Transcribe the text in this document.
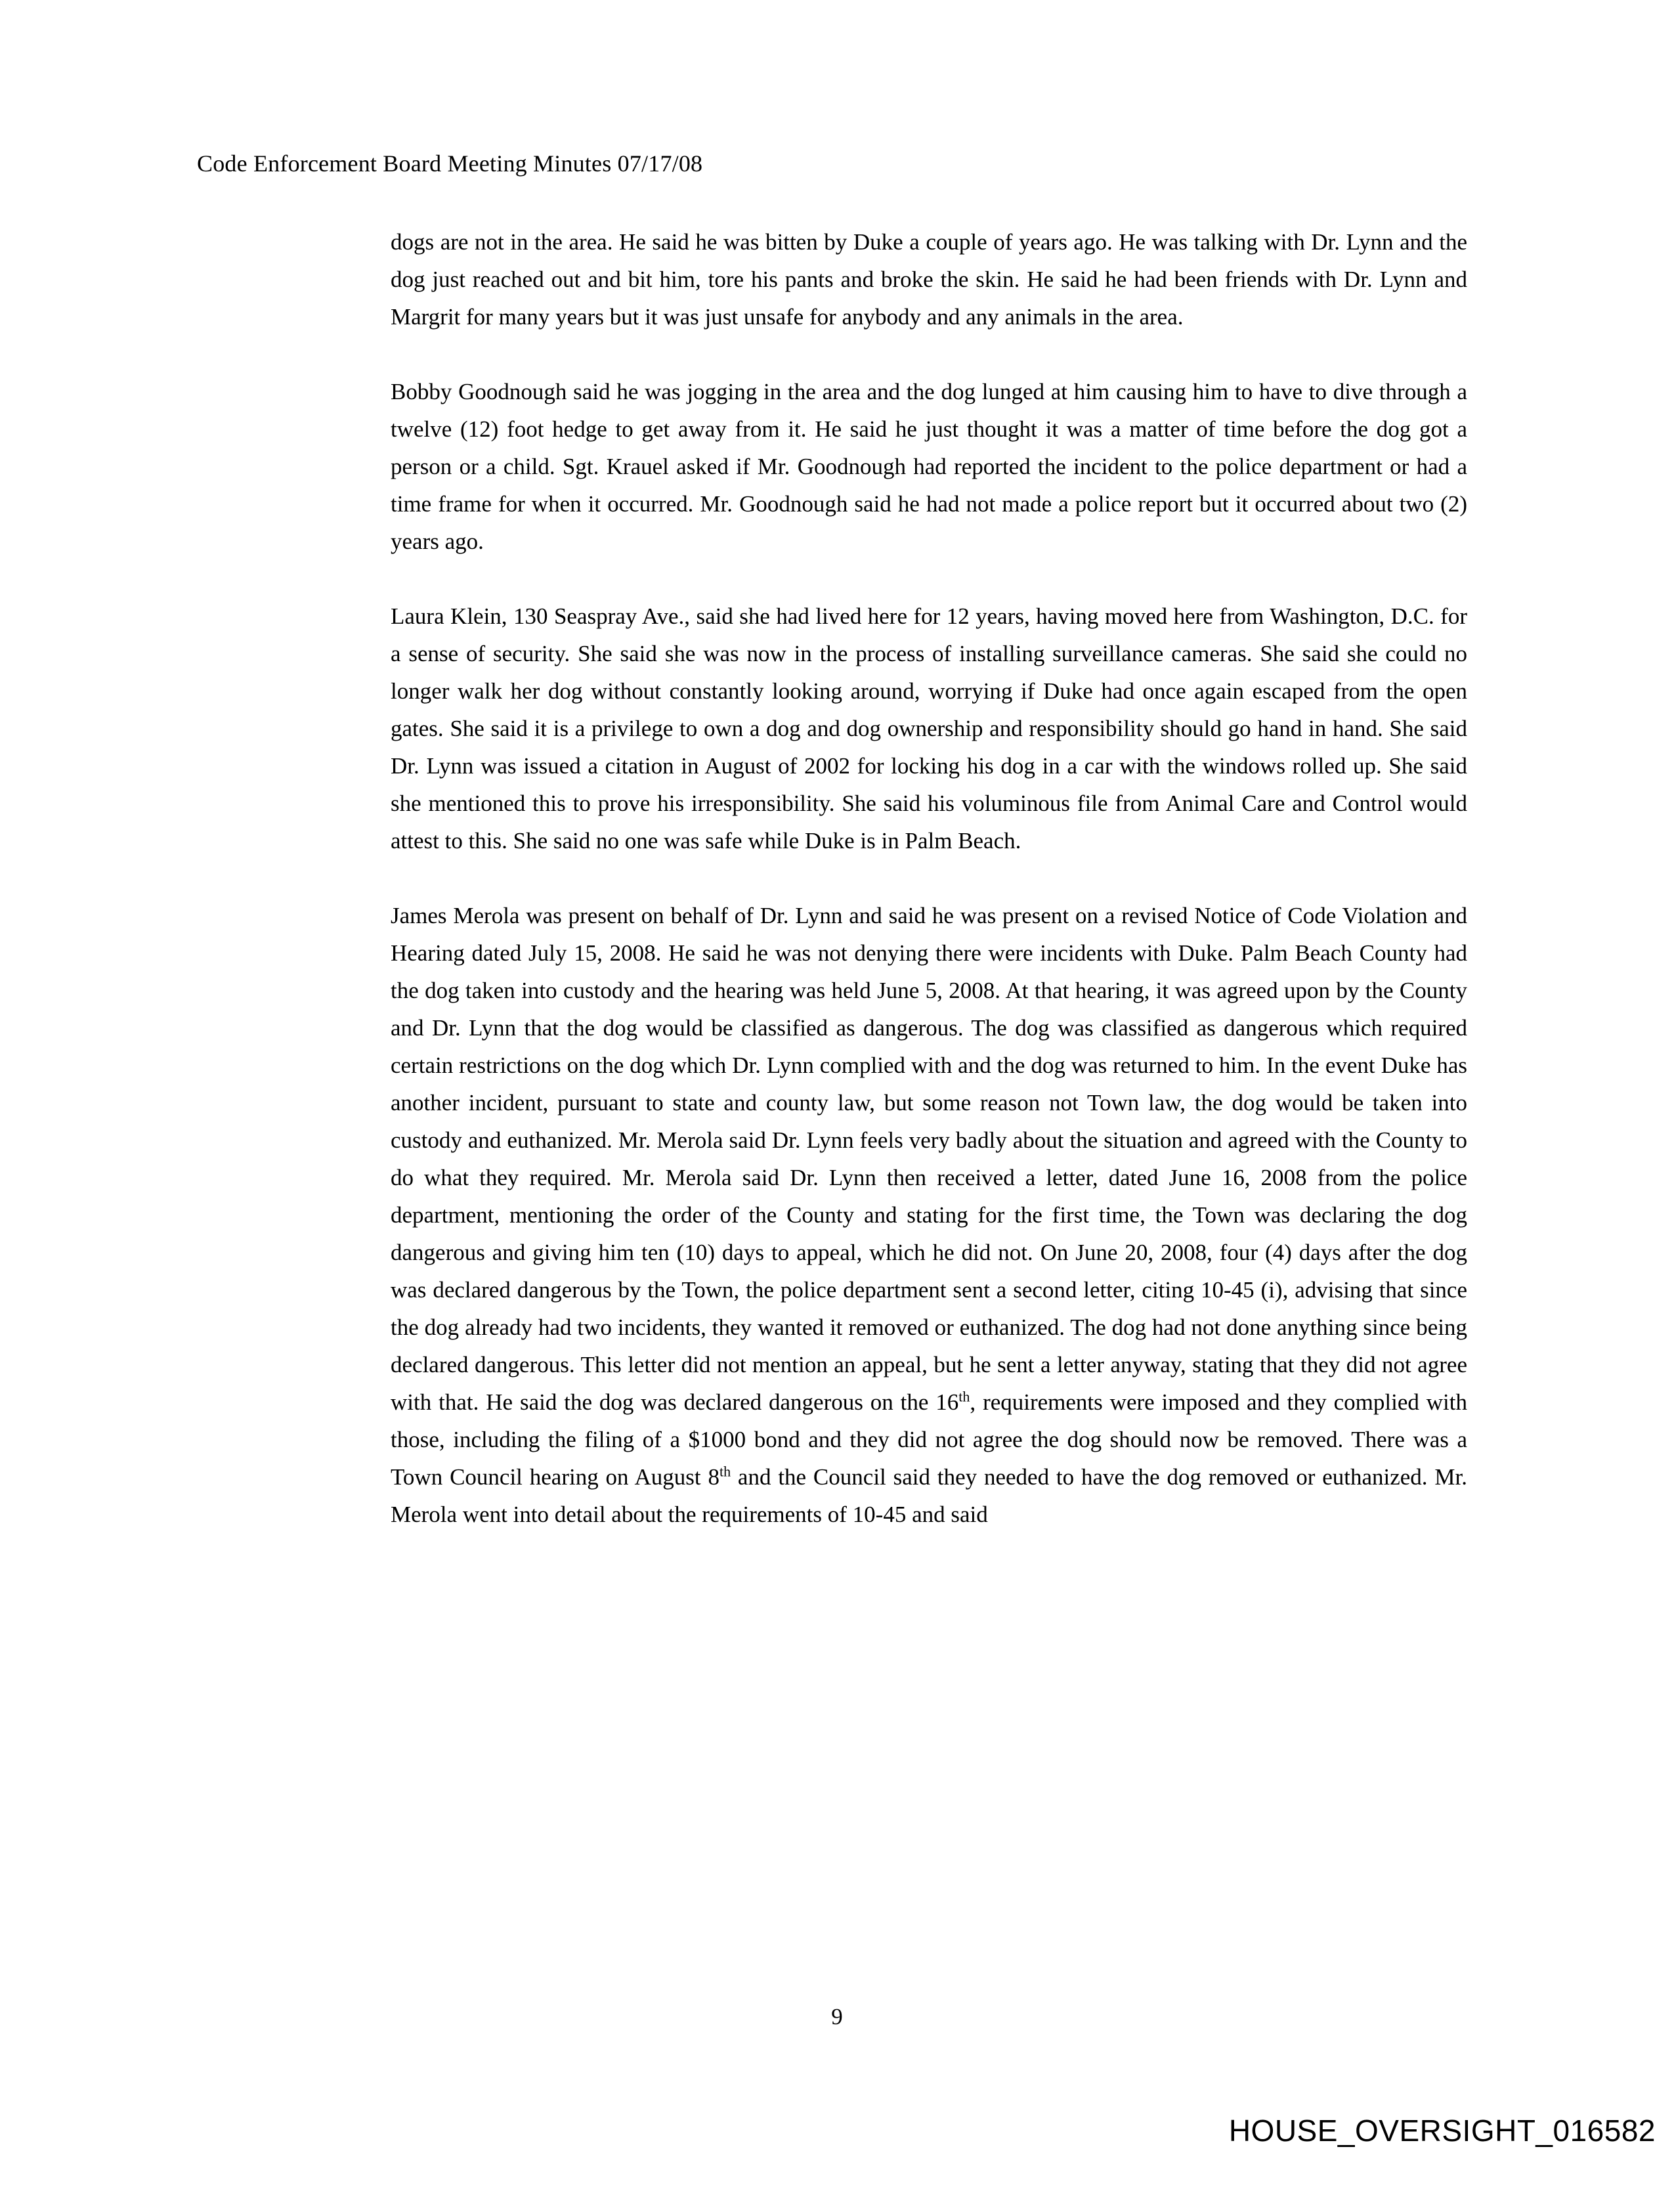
Code Enforcement Board Meeting Minutes 07/17/08

dogs are not in the area. He said he was bitten by Duke a couple of years ago. He was talking with Dr. Lynn and the dog just reached out and bit him, tore his pants and broke the skin. He said he had been friends with Dr. Lynn and Margrit for many years but it was just unsafe for anybody and any animals in the area.

Bobby Goodnough said he was jogging in the area and the dog lunged at him causing him to have to dive through a twelve (12) foot hedge to get away from it. He said he just thought it was a matter of time before the dog got a person or a child. Sgt. Krauel asked if Mr. Goodnough had reported the incident to the police department or had a time frame for when it occurred. Mr. Goodnough said he had not made a police report but it occurred about two (2) years ago.

Laura Klein, 130 Seaspray Ave., said she had lived here for 12 years, having moved here from Washington, D.C. for a sense of security. She said she was now in the process of installing surveillance cameras. She said she could no longer walk her dog without constantly looking around, worrying if Duke had once again escaped from the open gates. She said it is a privilege to own a dog and dog ownership and responsibility should go hand in hand. She said Dr. Lynn was issued a citation in August of 2002 for locking his dog in a car with the windows rolled up. She said she mentioned this to prove his irresponsibility. She said his voluminous file from Animal Care and Control would attest to this. She said no one was safe while Duke is in Palm Beach.

James Merola was present on behalf of Dr. Lynn and said he was present on a revised Notice of Code Violation and Hearing dated July 15, 2008. He said he was not denying there were incidents with Duke. Palm Beach County had the dog taken into custody and the hearing was held June 5, 2008. At that hearing, it was agreed upon by the County and Dr. Lynn that the dog would be classified as dangerous. The dog was classified as dangerous which required certain restrictions on the dog which Dr. Lynn complied with and the dog was returned to him. In the event Duke has another incident, pursuant to state and county law, but some reason not Town law, the dog would be taken into custody and euthanized. Mr. Merola said Dr. Lynn feels very badly about the situation and agreed with the County to do what they required. Mr. Merola said Dr. Lynn then received a letter, dated June 16, 2008 from the police department, mentioning the order of the County and stating for the first time, the Town was declaring the dog dangerous and giving him ten (10) days to appeal, which he did not. On June 20, 2008, four (4) days after the dog was declared dangerous by the Town, the police department sent a second letter, citing 10-45 (i), advising that since the dog already had two incidents, they wanted it removed or euthanized. The dog had not done anything since being declared dangerous. This letter did not mention an appeal, but he sent a letter anyway, stating that they did not agree with that. He said the dog was declared dangerous on the 16th, requirements were imposed and they complied with those, including the filing of a $1000 bond and they did not agree the dog should now be removed. There was a Town Council hearing on August 8th and the Council said they needed to have the dog removed or euthanized. Mr. Merola went into detail about the requirements of 10-45 and said

9
HOUSE_OVERSIGHT_016582
